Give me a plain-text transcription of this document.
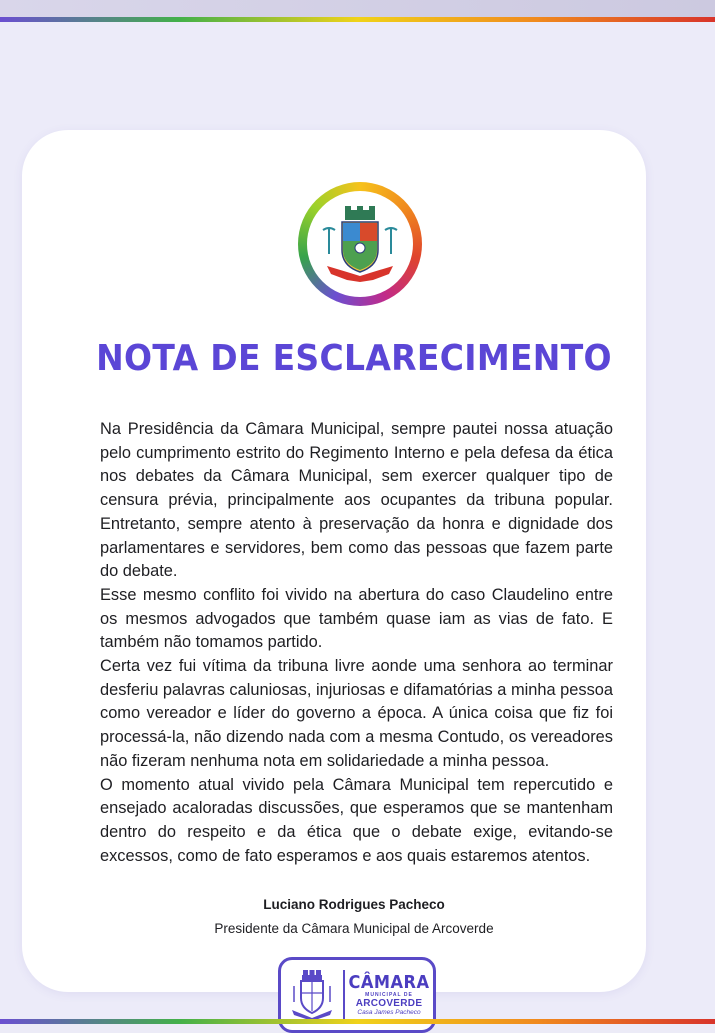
NOTA DE ESCLARECIMENTO

Na Presidência da Câmara Municipal, sempre pautei nossa atuação pelo cumprimento estrito do Regimento Interno e pela defesa da ética nos debates da Câmara Municipal, sem exercer qualquer tipo de censura prévia, principalmente aos ocupantes da tribuna popular. Entretanto, sempre atento à preservação da honra e dignidade dos parlamentares e servidores, bem como das pessoas que fazem parte do debate.

Esse mesmo conflito foi vivido na abertura do caso Claudelino entre os mesmos advogados que também quase iam as vias de fato. E também não tomamos partido.

Certa vez fui vítima da tribuna livre aonde uma senhora ao terminar desferiu palavras caluniosas, injuriosas e difamatórias a minha pessoa como vereador e líder do governo a época. A única coisa que fiz foi processá-la, não dizendo nada com a mesma Contudo, os vereadores não fizeram nenhuma nota em solidariedade a minha pessoa.

O momento atual vivido pela Câmara Municipal tem repercutido e ensejado acaloradas discussões, que esperamos que se mantenham dentro do respeito e da ética que o debate exige, evitando-se excessos, como de fato esperamos e aos quais estaremos atentos.

Luciano Rodrigues Pacheco
Presidente da Câmara Municipal de Arcoverde
CÂMARA
MUNICIPAL DE
ARCOVERDE
Casa James Pacheco
